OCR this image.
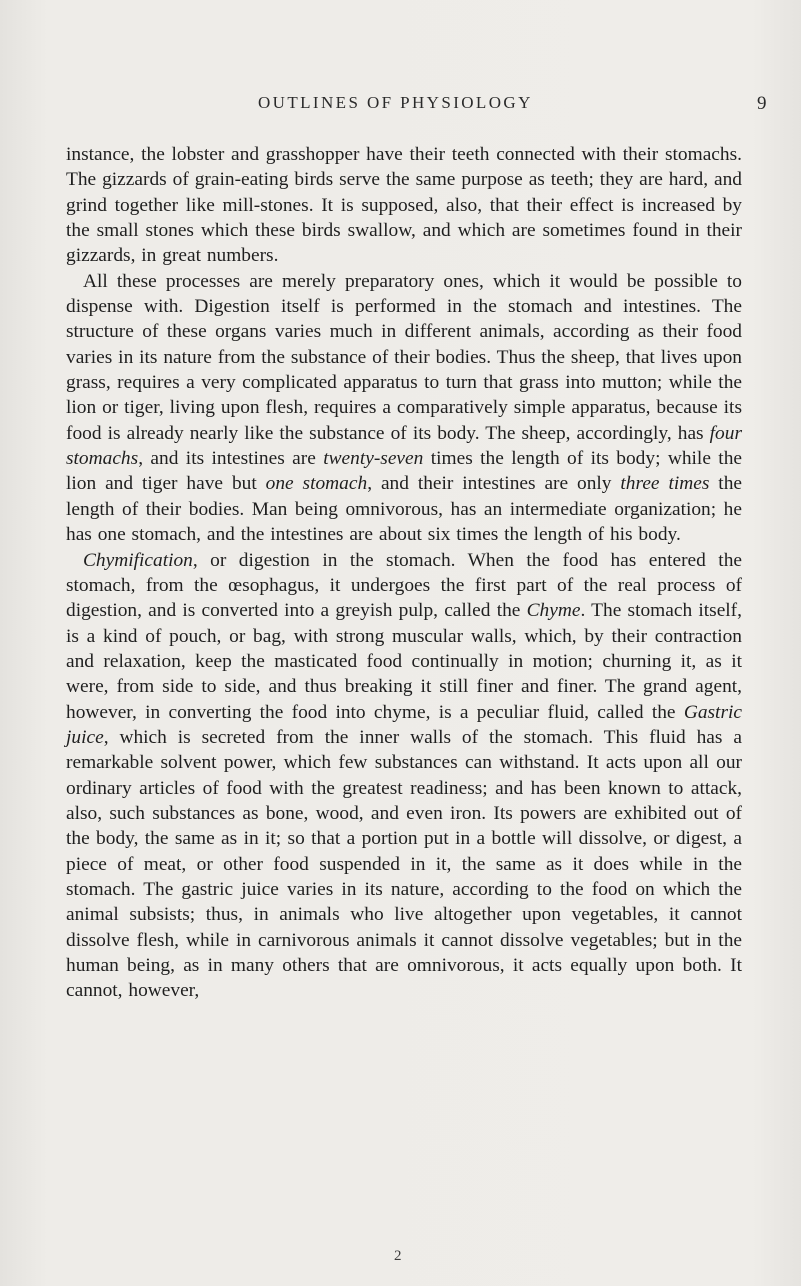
OUTLINES OF PHYSIOLOGY	9

instance, the lobster and grasshopper have their teeth connected with their stomachs. The gizzards of grain-eating birds serve the same purpose as teeth; they are hard, and grind together like mill-stones. It is supposed, also, that their effect is increased by the small stones which these birds swallow, and which are sometimes found in their gizzards, in great numbers.

All these processes are merely preparatory ones, which it would be possible to dispense with. Digestion itself is performed in the stomach and intestines. The structure of these organs varies much in different animals, according as their food varies in its nature from the substance of their bodies. Thus the sheep, that lives upon grass, requires a very complicated apparatus to turn that grass into mutton; while the lion or tiger, living upon flesh, requires a comparatively simple apparatus, because its food is already nearly like the substance of its body. The sheep, accordingly, has four stomachs, and its intestines are twenty-seven times the length of its body; while the lion and tiger have but one stomach, and their intestines are only three times the length of their bodies. Man being omnivorous, has an intermediate organization; he has one stomach, and the intestines are about six times the length of his body.

Chymification, or digestion in the stomach. When the food has entered the stomach, from the œsophagus, it undergoes the first part of the real process of digestion, and is converted into a greyish pulp, called the Chyme. The stomach itself, is a kind of pouch, or bag, with strong muscular walls, which, by their contraction and relaxation, keep the masticated food continually in motion; churning it, as it were, from side to side, and thus breaking it still finer and finer. The grand agent, however, in converting the food into chyme, is a peculiar fluid, called the Gastric juice, which is secreted from the inner walls of the stomach. This fluid has a remarkable solvent power, which few substances can withstand. It acts upon all our ordinary articles of food with the greatest readiness; and has been known to attack, also, such substances as bone, wood, and even iron. Its powers are exhibited out of the body, the same as in it; so that a portion put in a bottle will dissolve, or digest, a piece of meat, or other food suspended in it, the same as it does while in the stomach. The gastric juice varies in its nature, according to the food on which the animal subsists; thus, in animals who live altogether upon vegetables, it cannot dissolve flesh, while in carnivorous animals it cannot dissolve vegetables; but in the human being, as in many others that are omnivorous, it acts equally upon both. It cannot, however,

2
